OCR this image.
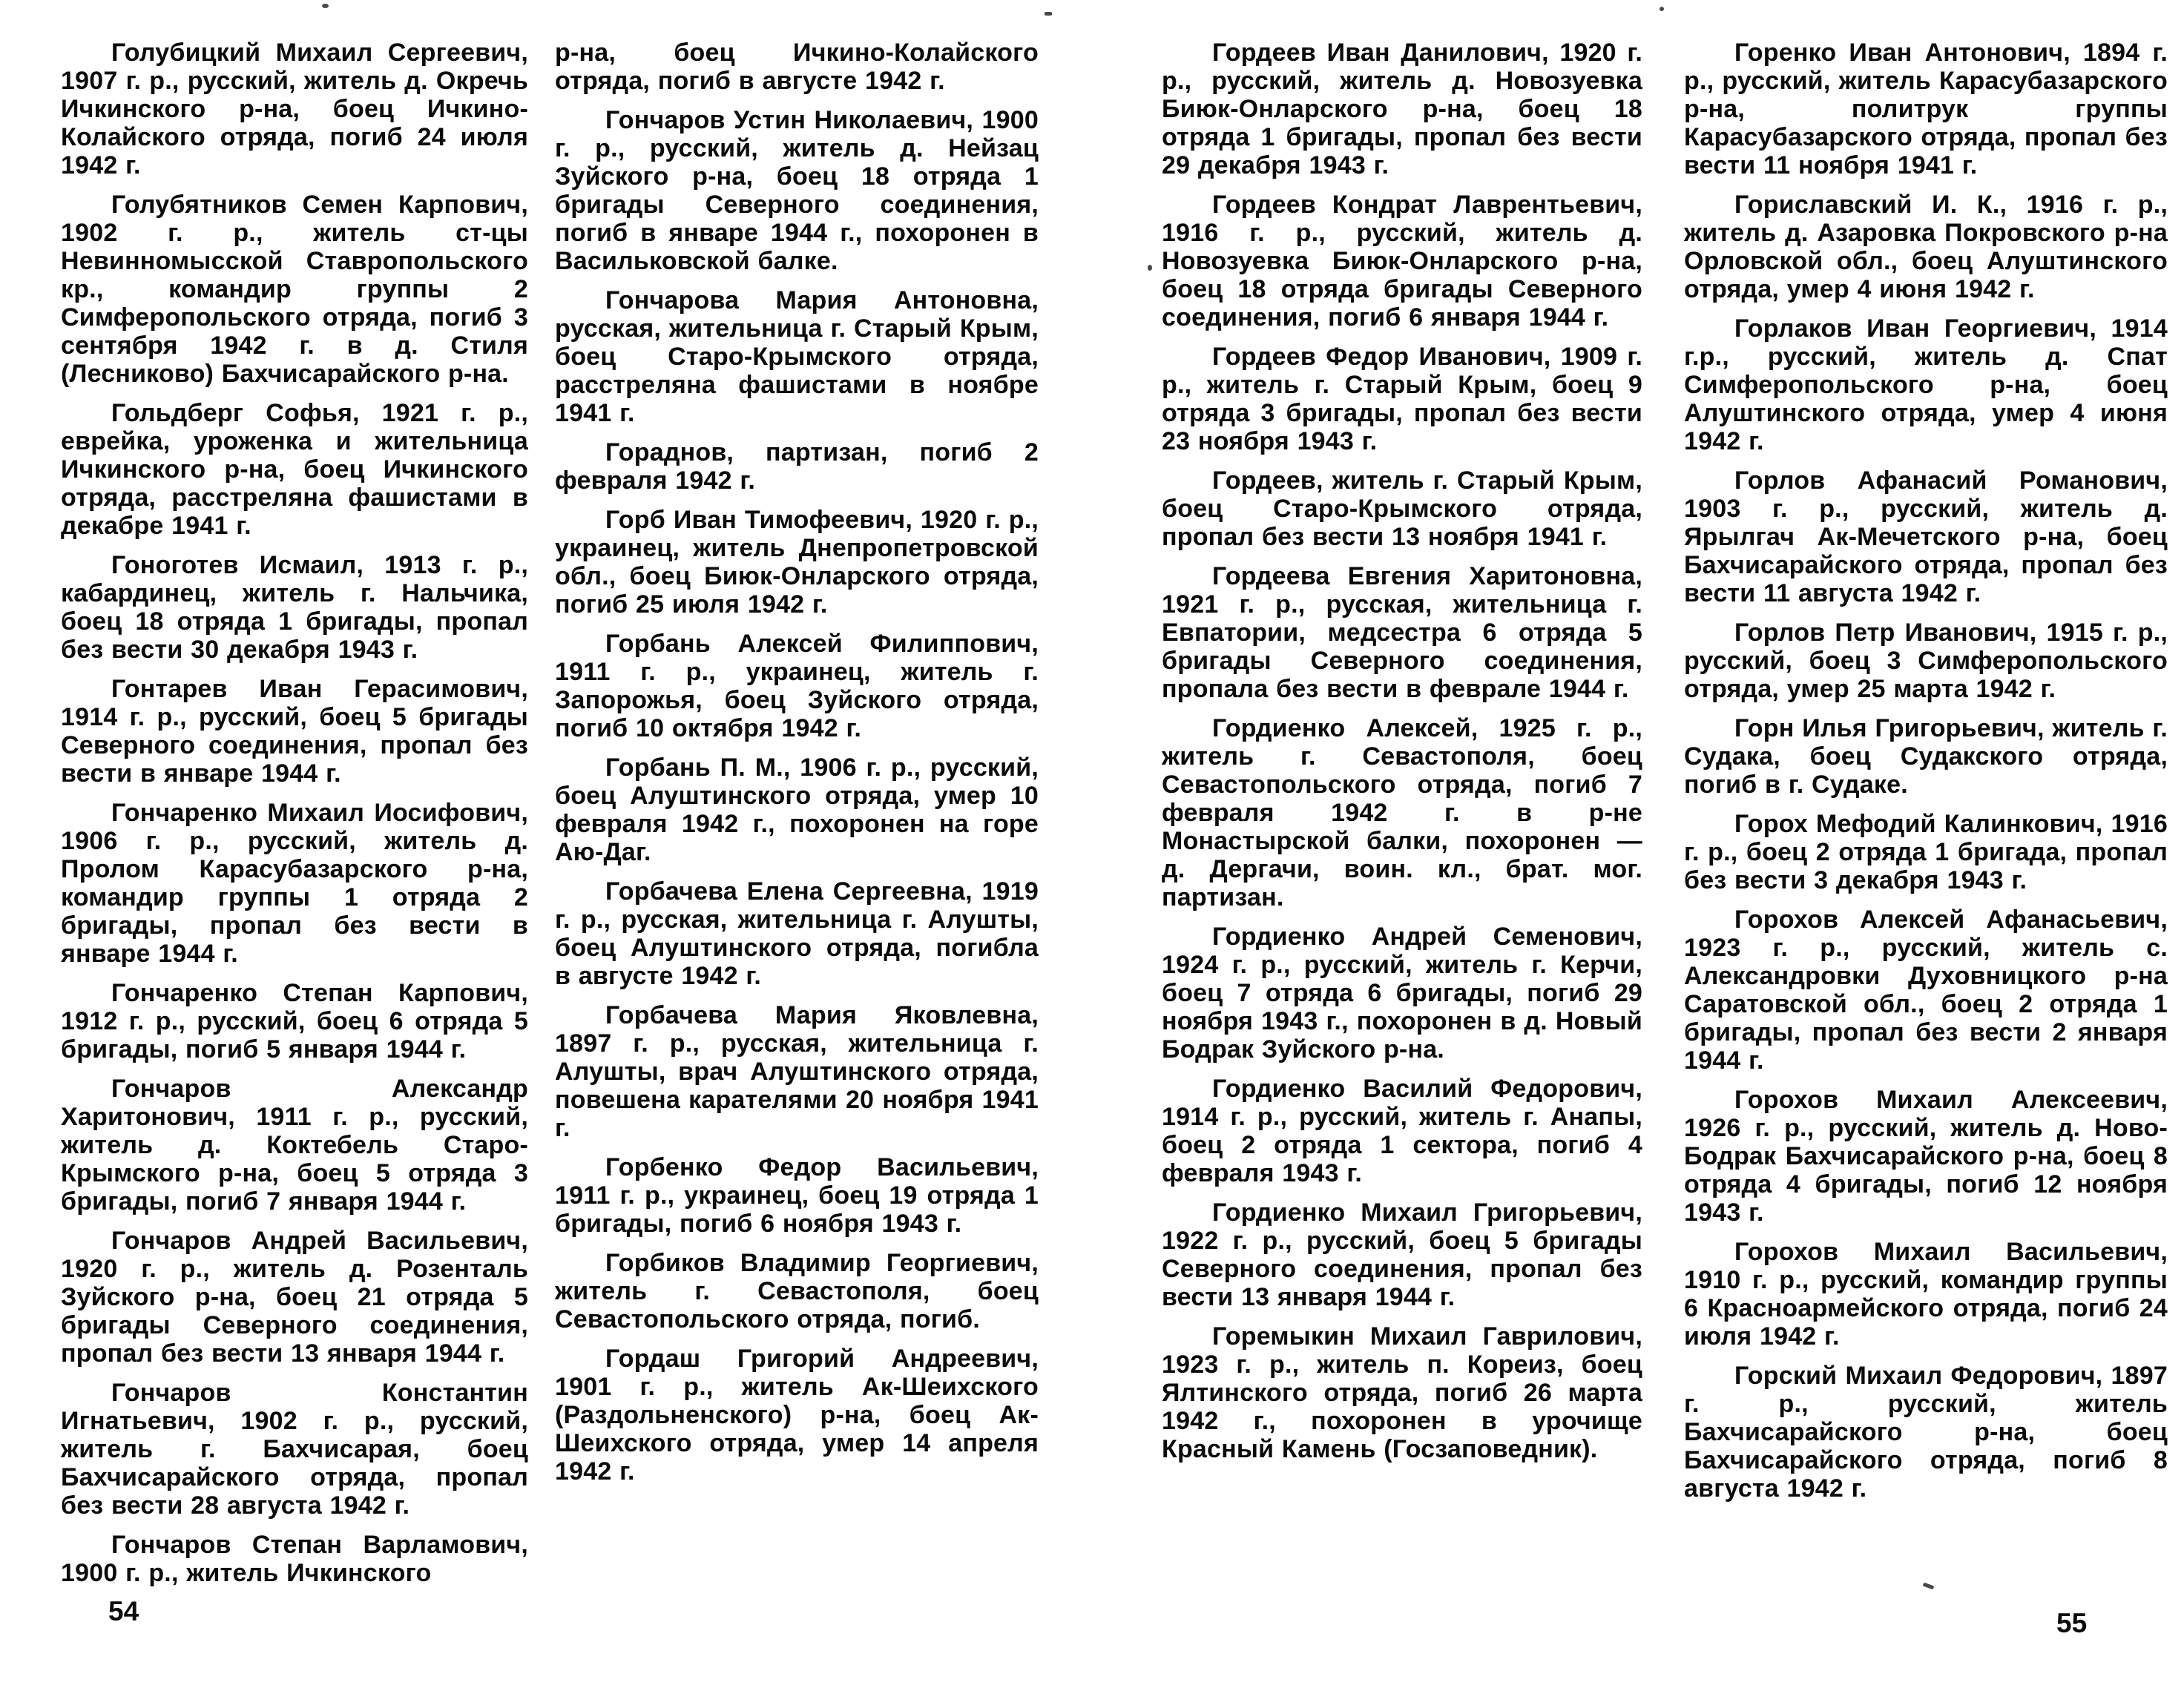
Голубицкий Михаил Сергеевич, 1907 г. р., русский, житель д. Окречь Ичкинского р-на, боец Ичкино-Колайского отряда, погиб 24 июля 1942 г.

Голубятников Семен Карпович, 1902 г. р., житель ст-цы Невинномысской Ставропольского кр., командир группы 2 Симферопольского отряда, погиб 3 сентября 1942 г. в д. Стиля (Лесниково) Бахчисарайского р-на.

Гольдберг Софья, 1921 г. р., еврейка, уроженка и жительница Ичкинского р-на, боец Ичкинского отряда, расстреляна фашистами в декабре 1941 г.

Гоноготев Исмаил, 1913 г. р., кабардинец, житель г. Нальчика, боец 18 отряда 1 бригады, пропал без вести 30 декабря 1943 г.

Гонтарев Иван Герасимович, 1914 г. р., русский, боец 5 бригады Северного соединения, пропал без вести в январе 1944 г.

Гончаренко Михаил Иосифович, 1906 г. р., русский, житель д. Пролом Карасубазарского р-на, командир группы 1 отряда 2 бригады, пропал без вести в январе 1944 г.

Гончаренко Степан Карпович, 1912 г. р., русский, боец 6 отряда 5 бригады, погиб 5 января 1944 г.

Гончаров Александр Харитонович, 1911 г. р., русский, житель д. Коктебель Старо-Крымского р-на, боец 5 отряда 3 бригады, погиб 7 января 1944 г.

Гончаров Андрей Васильевич, 1920 г. р., житель д. Розенталь Зуйского р-на, боец 21 отряда 5 бригады Северного соединения, пропал без вести 13 января 1944 г.

Гончаров Константин Игнатьевич, 1902 г. р., русский, житель г. Бахчисарая, боец Бахчисарайского отряда, пропал без вести 28 августа 1942 г.

Гончаров Степан Варламович, 1900 г. р., житель Ичкинского

р-на, боец Ичкино-Колайского отряда, погиб в августе 1942 г.

Гончаров Устин Николаевич, 1900 г. р., русский, житель д. Нейзац Зуйского р-на, боец 18 отряда 1 бригады Северного соединения, погиб в январе 1944 г., похоронен в Васильковской балке.

Гончарова Мария Антоновна, русская, жительница г. Старый Крым, боец Старо-Крымского отряда, расстреляна фашистами в ноябре 1941 г.

Гораднов, партизан, погиб 2 февраля 1942 г.

Горб Иван Тимофеевич, 1920 г. р., украинец, житель Днепропетровской обл., боец Биюк-Онларского отряда, погиб 25 июля 1942 г.

Горбань Алексей Филиппович, 1911 г. р., украинец, житель г. Запорожья, боец Зуйского отряда, погиб 10 октября 1942 г.

Горбань П. М., 1906 г. р., русский, боец Алуштинского отряда, умер 10 февраля 1942 г., похоронен на горе Аю-Даг.

Горбачева Елена Сергеевна, 1919 г. р., русская, жительница г. Алушты, боец Алуштинского отряда, погибла в августе 1942 г.

Горбачева Мария Яковлевна, 1897 г. р., русская, жительница г. Алушты, врач Алуштинского отряда, повешена карателями 20 ноября 1941 г.

Горбенко Федор Васильевич, 1911 г. р., украинец, боец 19 отряда 1 бригады, погиб 6 ноября 1943 г.

Горбиков Владимир Георгиевич, житель г. Севастополя, боец Севастопольского отряда, погиб.

Гордаш Григорий Андреевич, 1901 г. р., житель Ак-Шеихского (Раздольненского) р-на, боец Ак-Шеихского отряда, умер 14 апреля 1942 г.

Гордеев Иван Данилович, 1920 г. р., русский, житель д. Новозуевка Биюк-Онларского р-на, боец 18 отряда 1 бригады, пропал без вести 29 декабря 1943 г.

Гордеев Кондрат Лаврентьевич, 1916 г. р., русский, житель д. Новозуевка Биюк-Онларского р-на, боец 18 отряда бригады Северного соединения, погиб 6 января 1944 г.

Гордеев Федор Иванович, 1909 г. р., житель г. Старый Крым, боец 9 отряда 3 бригады, пропал без вести 23 ноября 1943 г.

Гордеев, житель г. Старый Крым, боец Старо-Крымского отряда, пропал без вести 13 ноября 1941 г.

Гордеева Евгения Харитоновна, 1921 г. р., русская, жительница г. Евпатории, медсестра 6 отряда 5 бригады Северного соединения, пропала без вести в феврале 1944 г.

Гордиенко Алексей, 1925 г. р., житель г. Севастополя, боец Севастопольского отряда, погиб 7 февраля 1942 г. в р-не Монастырской балки, похоронен — д. Дергачи, воин. кл., брат. мог. партизан.

Гордиенко Андрей Семенович, 1924 г. р., русский, житель г. Керчи, боец 7 отряда 6 бригады, погиб 29 ноября 1943 г., похоронен в д. Новый Бодрак Зуйского р-на.

Гордиенко Василий Федорович, 1914 г. р., русский, житель г. Анапы, боец 2 отряда 1 сектора, погиб 4 февраля 1943 г.

Гордиенко Михаил Григорьевич, 1922 г. р., русский, боец 5 бригады Северного соединения, пропал без вести 13 января 1944 г.

Горемыкин Михаил Гаврилович, 1923 г. р., житель п. Кореиз, боец Ялтинского отряда, погиб 26 марта 1942 г., похоронен в урочище Красный Камень (Госзаповедник).

Горенко Иван Антонович, 1894 г. р., русский, житель Карасубазарского р-на, политрук группы Карасубазарского отряда, пропал без вести 11 ноября 1941 г.

Гориславский И. К., 1916 г. р., житель д. Азаровка Покровского р-на Орловской обл., боец Алуштинского отряда, умер 4 июня 1942 г.

Горлаков Иван Георгиевич, 1914 г.р., русский, житель д. Спат Симферопольского р-на, боец Алуштинского отряда, умер 4 июня 1942 г.

Горлов Афанасий Романович, 1903 г. р., русский, житель д. Ярылгач Ак-Мечетского р-на, боец Бахчисарайского отряда, пропал без вести 11 августа 1942 г.

Горлов Петр Иванович, 1915 г. р., русский, боец 3 Симферопольского отряда, умер 25 марта 1942 г.

Горн Илья Григорьевич, житель г. Судака, боец Судакского отряда, погиб в г. Судаке.

Горох Мефодий Калинкович, 1916 г. р., боец 2 отряда 1 бригада, пропал без вести 3 декабря 1943 г.

Горохов Алексей Афанасьевич, 1923 г. р., русский, житель с. Александровки Духовницкого р-на Саратовской обл., боец 2 отряда 1 бригады, пропал без вести 2 января 1944 г.

Горохов Михаил Алексеевич, 1926 г. р., русский, житель д. Ново-Бодрак Бахчисарайского р-на, боец 8 отряда 4 бригады, погиб 12 ноября 1943 г.

Горохов Михаил Васильевич, 1910 г. р., русский, командир группы 6 Красноармейского отряда, погиб 24 июля 1942 г.

Горский Михаил Федорович, 1897 г. р., русский, житель Бахчисарайского р-на, боец Бахчисарайского отряда, погиб 8 августа 1942 г.

54	55
